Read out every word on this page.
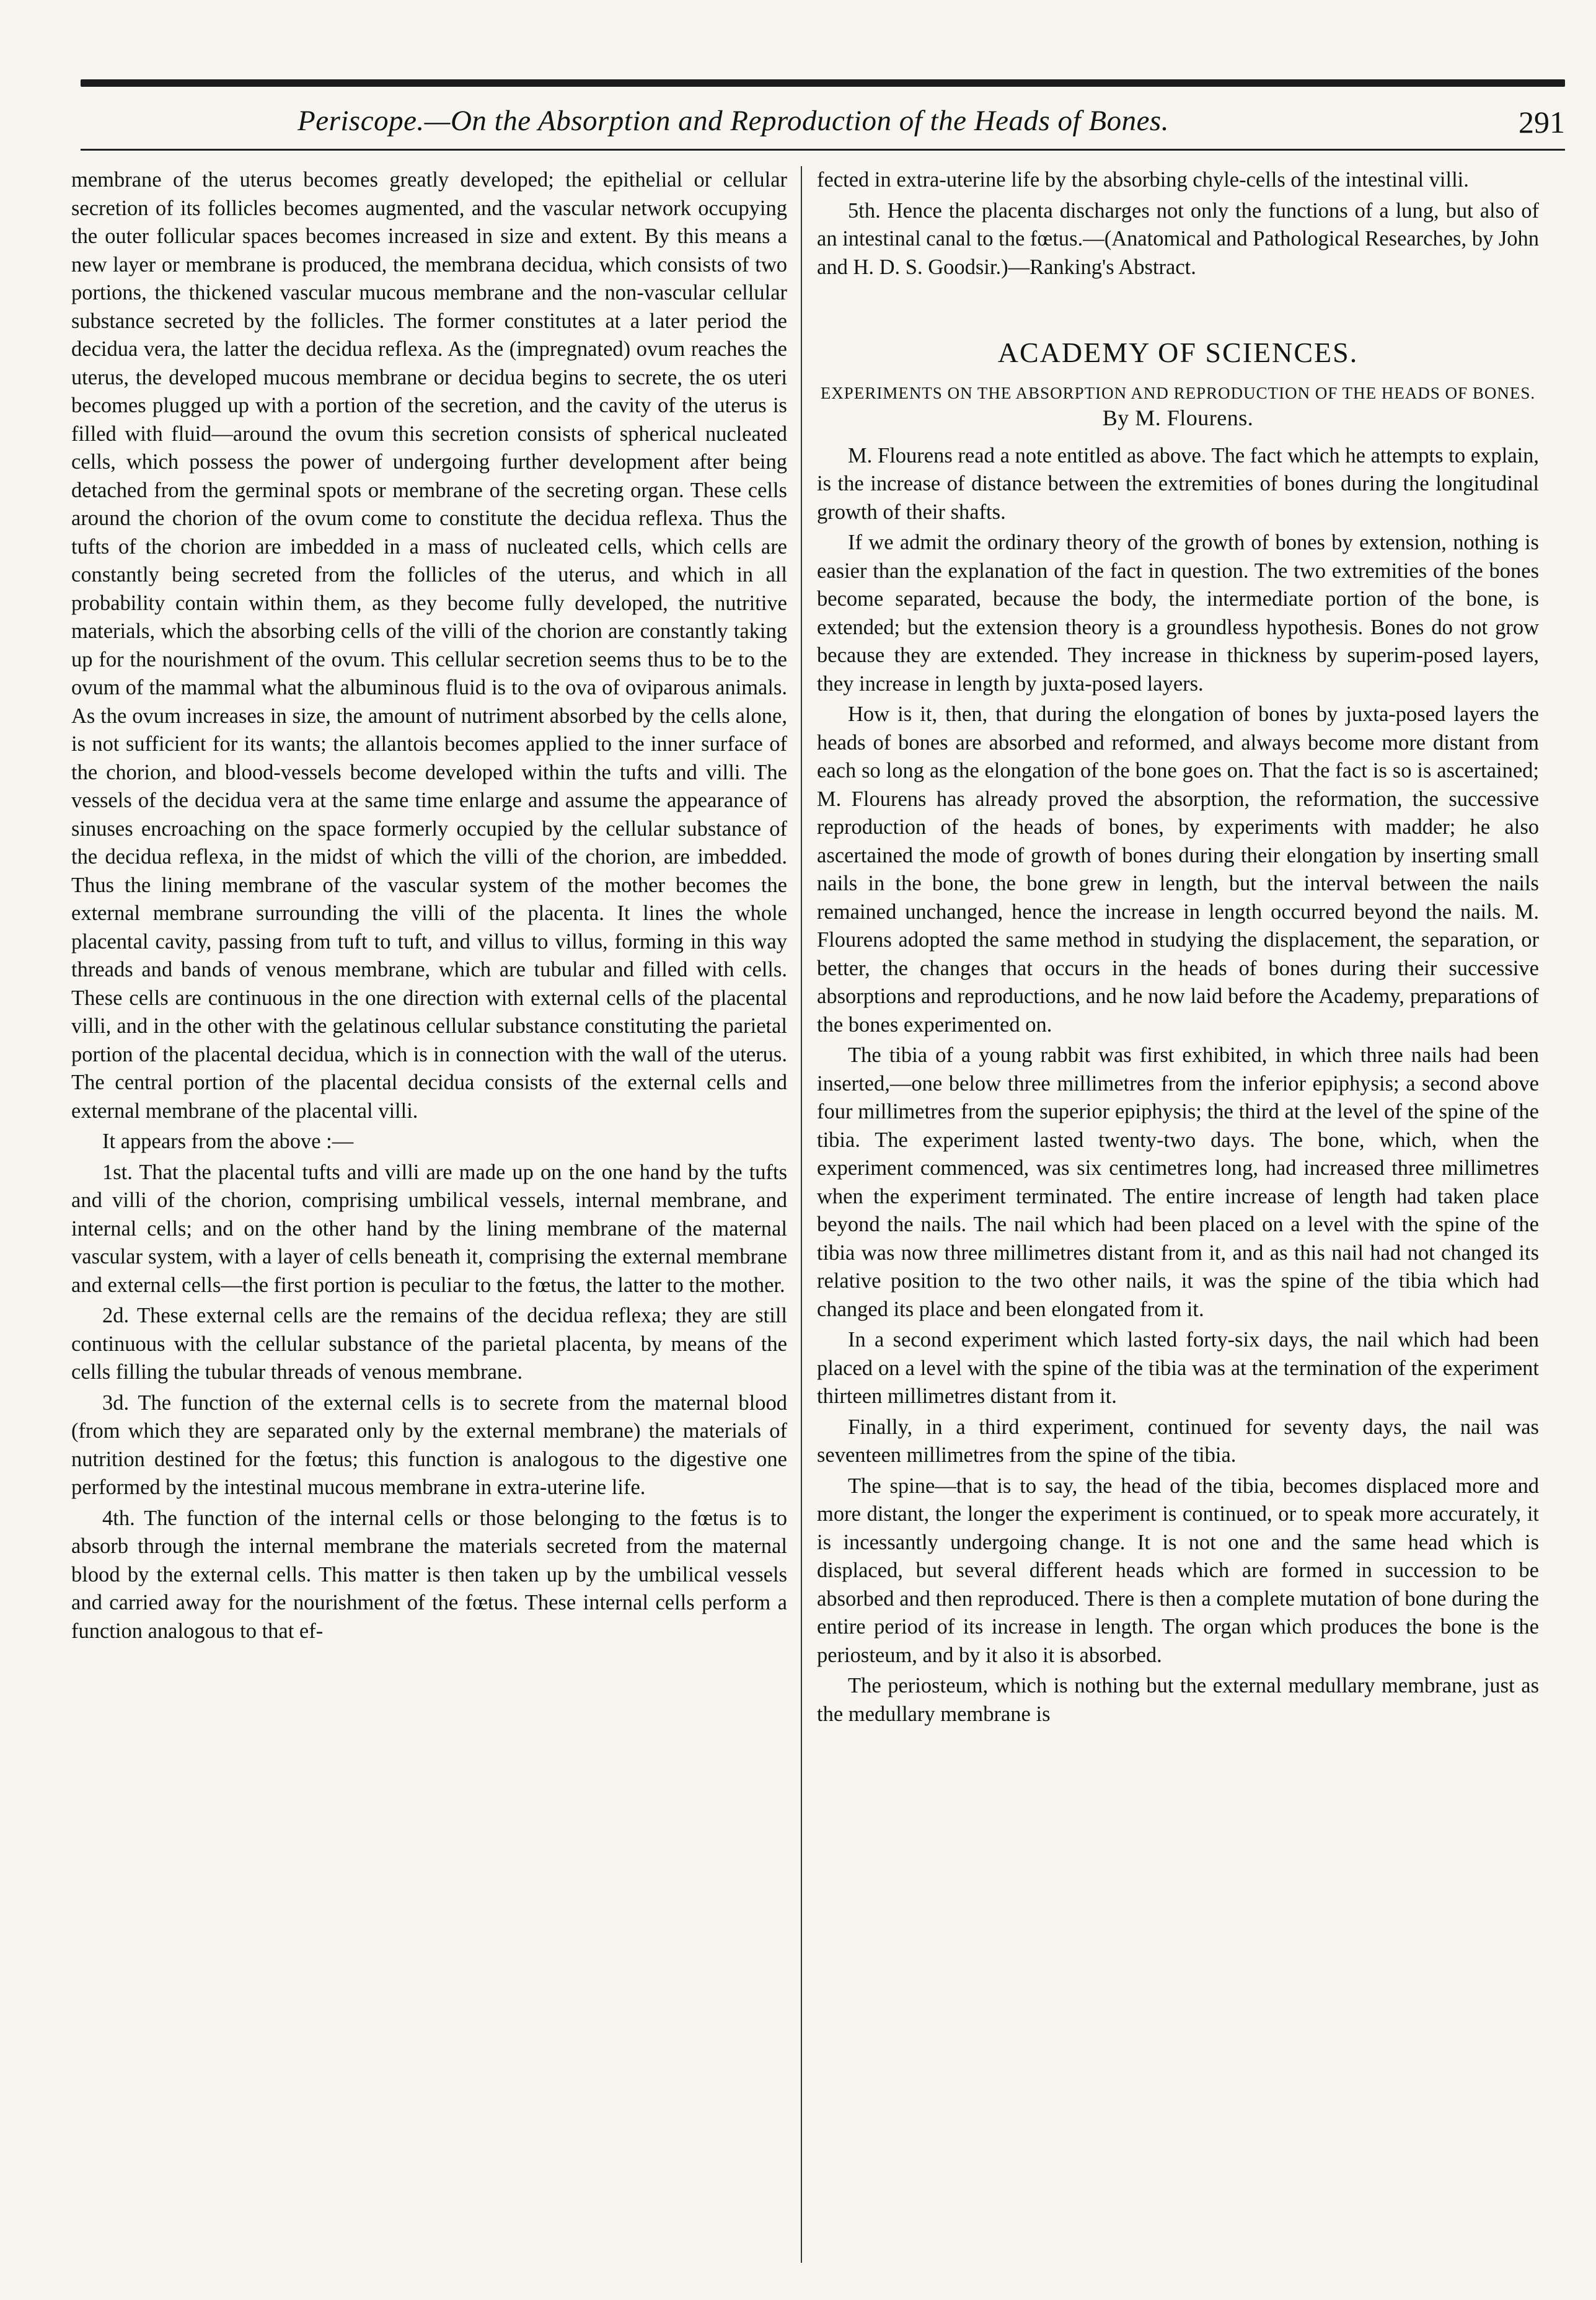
Periscope.—On the Absorption and Reproduction of the Heads of Bones.	291

membrane of the uterus becomes greatly developed; the epithelial or cellular secretion of its follicles becomes augmented, and the vascular network occupying the outer follicular spaces becomes increased in size and extent. By this means a new layer or membrane is produced, the membrana decidua, which consists of two portions, the thickened vascular mucous membrane and the non-vascular cellular substance secreted by the follicles. The former constitutes at a later period the decidua vera, the latter the decidua reflexa. As the (impregnated) ovum reaches the uterus, the developed mucous membrane or decidua begins to secrete, the os uteri becomes plugged up with a portion of the secretion, and the cavity of the uterus is filled with fluid—around the ovum this secretion consists of spherical nucleated cells, which possess the power of undergoing further development after being detached from the germinal spots or membrane of the secreting organ. These cells around the chorion of the ovum come to constitute the decidua reflexa. Thus the tufts of the chorion are imbedded in a mass of nucleated cells, which cells are constantly being secreted from the follicles of the uterus, and which in all probability contain within them, as they become fully developed, the nutritive materials, which the absorbing cells of the villi of the chorion are constantly taking up for the nourishment of the ovum. This cellular secretion seems thus to be to the ovum of the mammal what the albuminous fluid is to the ova of oviparous animals. As the ovum increases in size, the amount of nutriment absorbed by the cells alone, is not sufficient for its wants; the allantois becomes applied to the inner surface of the chorion, and blood-vessels become developed within the tufts and villi. The vessels of the decidua vera at the same time enlarge and assume the appearance of sinuses encroaching on the space formerly occupied by the cellular substance of the decidua reflexa, in the midst of which the villi of the chorion, are imbedded. Thus the lining membrane of the vascular system of the mother becomes the external membrane surrounding the villi of the placenta. It lines the whole placental cavity, passing from tuft to tuft, and villus to villus, forming in this way threads and bands of venous membrane, which are tubular and filled with cells. These cells are continuous in the one direction with external cells of the placental villi, and in the other with the gelatinous cellular substance constituting the parietal portion of the placental decidua, which is in connection with the wall of the uterus. The central portion of the placental decidua consists of the external cells and external membrane of the placental villi.

It appears from the above :—

1st. That the placental tufts and villi are made up on the one hand by the tufts and villi of the chorion, comprising umbilical vessels, internal membrane, and internal cells; and on the other hand by the lining membrane of the maternal vascular system, with a layer of cells beneath it, comprising the external membrane and external cells—the first portion is peculiar to the fœtus, the latter to the mother.

2d. These external cells are the remains of the decidua reflexa; they are still continuous with the cellular substance of the parietal placenta, by means of the cells filling the tubular threads of venous membrane.

3d. The function of the external cells is to secrete from the maternal blood (from which they are separated only by the external membrane) the materials of nutrition destined for the fœtus; this function is analogous to the digestive one performed by the intestinal mucous membrane in extra-uterine life.

4th. The function of the internal cells or those belonging to the fœtus is to absorb through the internal membrane the materials secreted from the maternal blood by the external cells. This matter is then taken up by the umbilical vessels and carried away for the nourishment of the fœtus. These internal cells perform a function analogous to that ef-

fected in extra-uterine life by the absorbing chyle-cells of the intestinal villi.

5th. Hence the placenta discharges not only the functions of a lung, but also of an intestinal canal to the fœtus.—(Anatomical and Pathological Researches, by John and H. D. S. Goodsir.)—Ranking's Abstract.

ACADEMY OF SCIENCES.
EXPERIMENTS ON THE ABSORPTION AND REPRODUCTION OF THE HEADS OF BONES. By M. Flourens.

M. Flourens read a note entitled as above. The fact which he attempts to explain, is the increase of distance between the extremities of bones during the longitudinal growth of their shafts.

If we admit the ordinary theory of the growth of bones by extension, nothing is easier than the explanation of the fact in question. The two extremities of the bones become separated, because the body, the intermediate portion of the bone, is extended; but the extension theory is a groundless hypothesis. Bones do not grow because they are extended. They increase in thickness by superim-posed layers, they increase in length by juxta-posed layers.

How is it, then, that during the elongation of bones by juxta-posed layers the heads of bones are absorbed and reformed, and always become more distant from each so long as the elongation of the bone goes on. That the fact is so is ascertained; M. Flourens has already proved the absorption, the reformation, the successive reproduction of the heads of bones, by experiments with madder; he also ascertained the mode of growth of bones during their elongation by inserting small nails in the bone, the bone grew in length, but the interval between the nails remained unchanged, hence the increase in length occurred beyond the nails. M. Flourens adopted the same method in studying the displacement, the separation, or better, the changes that occurs in the heads of bones during their successive absorptions and reproductions, and he now laid before the Academy, preparations of the bones experimented on.

The tibia of a young rabbit was first exhibited, in which three nails had been inserted,—one below three millimetres from the inferior epiphysis; a second above four millimetres from the superior epiphysis; the third at the level of the spine of the tibia. The experiment lasted twenty-two days. The bone, which, when the experiment commenced, was six centimetres long, had increased three millimetres when the experiment terminated. The entire increase of length had taken place beyond the nails. The nail which had been placed on a level with the spine of the tibia was now three millimetres distant from it, and as this nail had not changed its relative position to the two other nails, it was the spine of the tibia which had changed its place and been elongated from it.

In a second experiment which lasted forty-six days, the nail which had been placed on a level with the spine of the tibia was at the termination of the experiment thirteen millimetres distant from it.

Finally, in a third experiment, continued for seventy days, the nail was seventeen millimetres from the spine of the tibia.

The spine—that is to say, the head of the tibia, becomes displaced more and more distant, the longer the experiment is continued, or to speak more accurately, it is incessantly undergoing change. It is not one and the same head which is displaced, but several different heads which are formed in succession to be absorbed and then reproduced. There is then a complete mutation of bone during the entire period of its increase in length. The organ which produces the bone is the periosteum, and by it also it is absorbed.

The periosteum, which is nothing but the external medullary membrane, just as the medullary membrane is
